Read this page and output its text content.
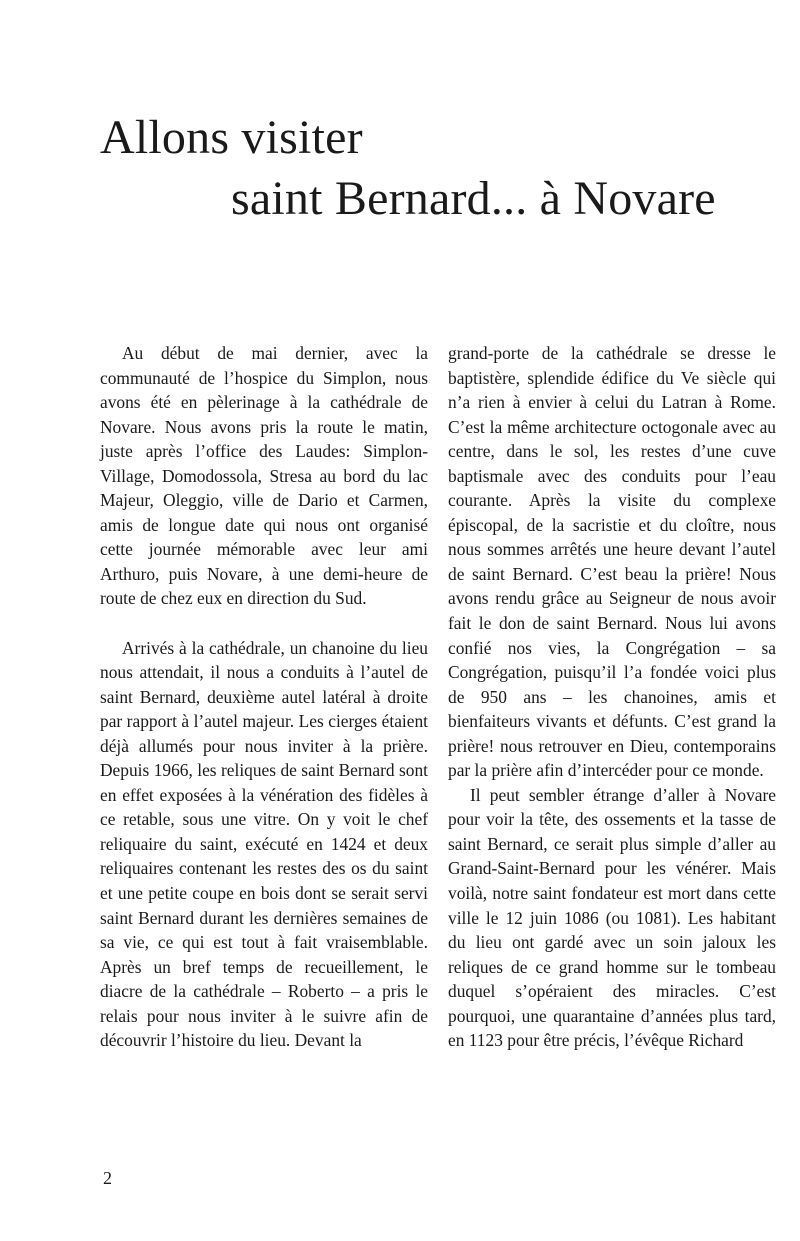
Allons visiter
saint Bernard... à Novare

Au début de mai dernier, avec la communauté de l’hospice du Simplon, nous avons été en pèlerinage à la cathédrale de Novare. Nous avons pris la route le matin, juste après l’office des Laudes: Simplon- Village, Domodossola, Stresa au bord du lac Majeur, Oleggio, ville de Dario et Carmen, amis de longue date qui nous ont organisé cette journée mémorable avec leur ami Arthuro, puis Novare, à une demi-heure de route de chez eux en direction du Sud.

Arrivés à la cathédrale, un chanoine du lieu nous attendait, il nous a conduits à l’autel de saint Bernard, deuxième autel latéral à droite par rapport à l’autel majeur. Les cierges étaient déjà allumés pour nous inviter à la prière. Depuis 1966, les reliques de saint Bernard sont en effet exposées à la vénération des fidèles à ce retable, sous une vitre. On y voit le chef reliquaire du saint, exécuté en 1424 et deux reliquaires contenant les restes des os du saint et une petite coupe en bois dont se serait servi saint Bernard durant les dernières semaines de sa vie, ce qui est tout à fait vraisemblable. Après un bref temps de recueillement, le diacre de la cathédrale – Roberto – a pris le relais pour nous inviter à le suivre afin de découvrir l’histoire du lieu. Devant la

grand-porte de la cathédrale se dresse le baptistère, splendide édifice du Ve siècle qui n’a rien à envier à celui du Latran à Rome. C’est la même architecture octogonale avec au centre, dans le sol, les restes d’une cuve baptismale avec des conduits pour l’eau courante. Après la visite du complexe épiscopal, de la sacristie et du cloître, nous nous sommes arrêtés une heure devant l’autel de saint Bernard. C’est beau la prière! Nous avons rendu grâce au Seigneur de nous avoir fait le don de saint Bernard. Nous lui avons confié nos vies, la Congrégation – sa Congrégation, puisqu’il l’a fondée voici plus de 950 ans – les chanoines, amis et bienfaiteurs vivants et défunts. C’est grand la prière! nous retrouver en Dieu, contemporains par la prière afin d’intercéder pour ce monde.

Il peut sembler étrange d’aller à Novare pour voir la tête, des ossements et la tasse de saint Bernard, ce serait plus simple d’aller au Grand-Saint-Bernard pour les vénérer. Mais voilà, notre saint fondateur est mort dans cette ville le 12 juin 1086 (ou 1081). Les habitant du lieu ont gardé avec un soin jaloux les reliques de ce grand homme sur le tombeau duquel s’opéraient des miracles. C’est pourquoi, une quarantaine d’années plus tard, en 1123 pour être précis, l’évêque Richard

2
